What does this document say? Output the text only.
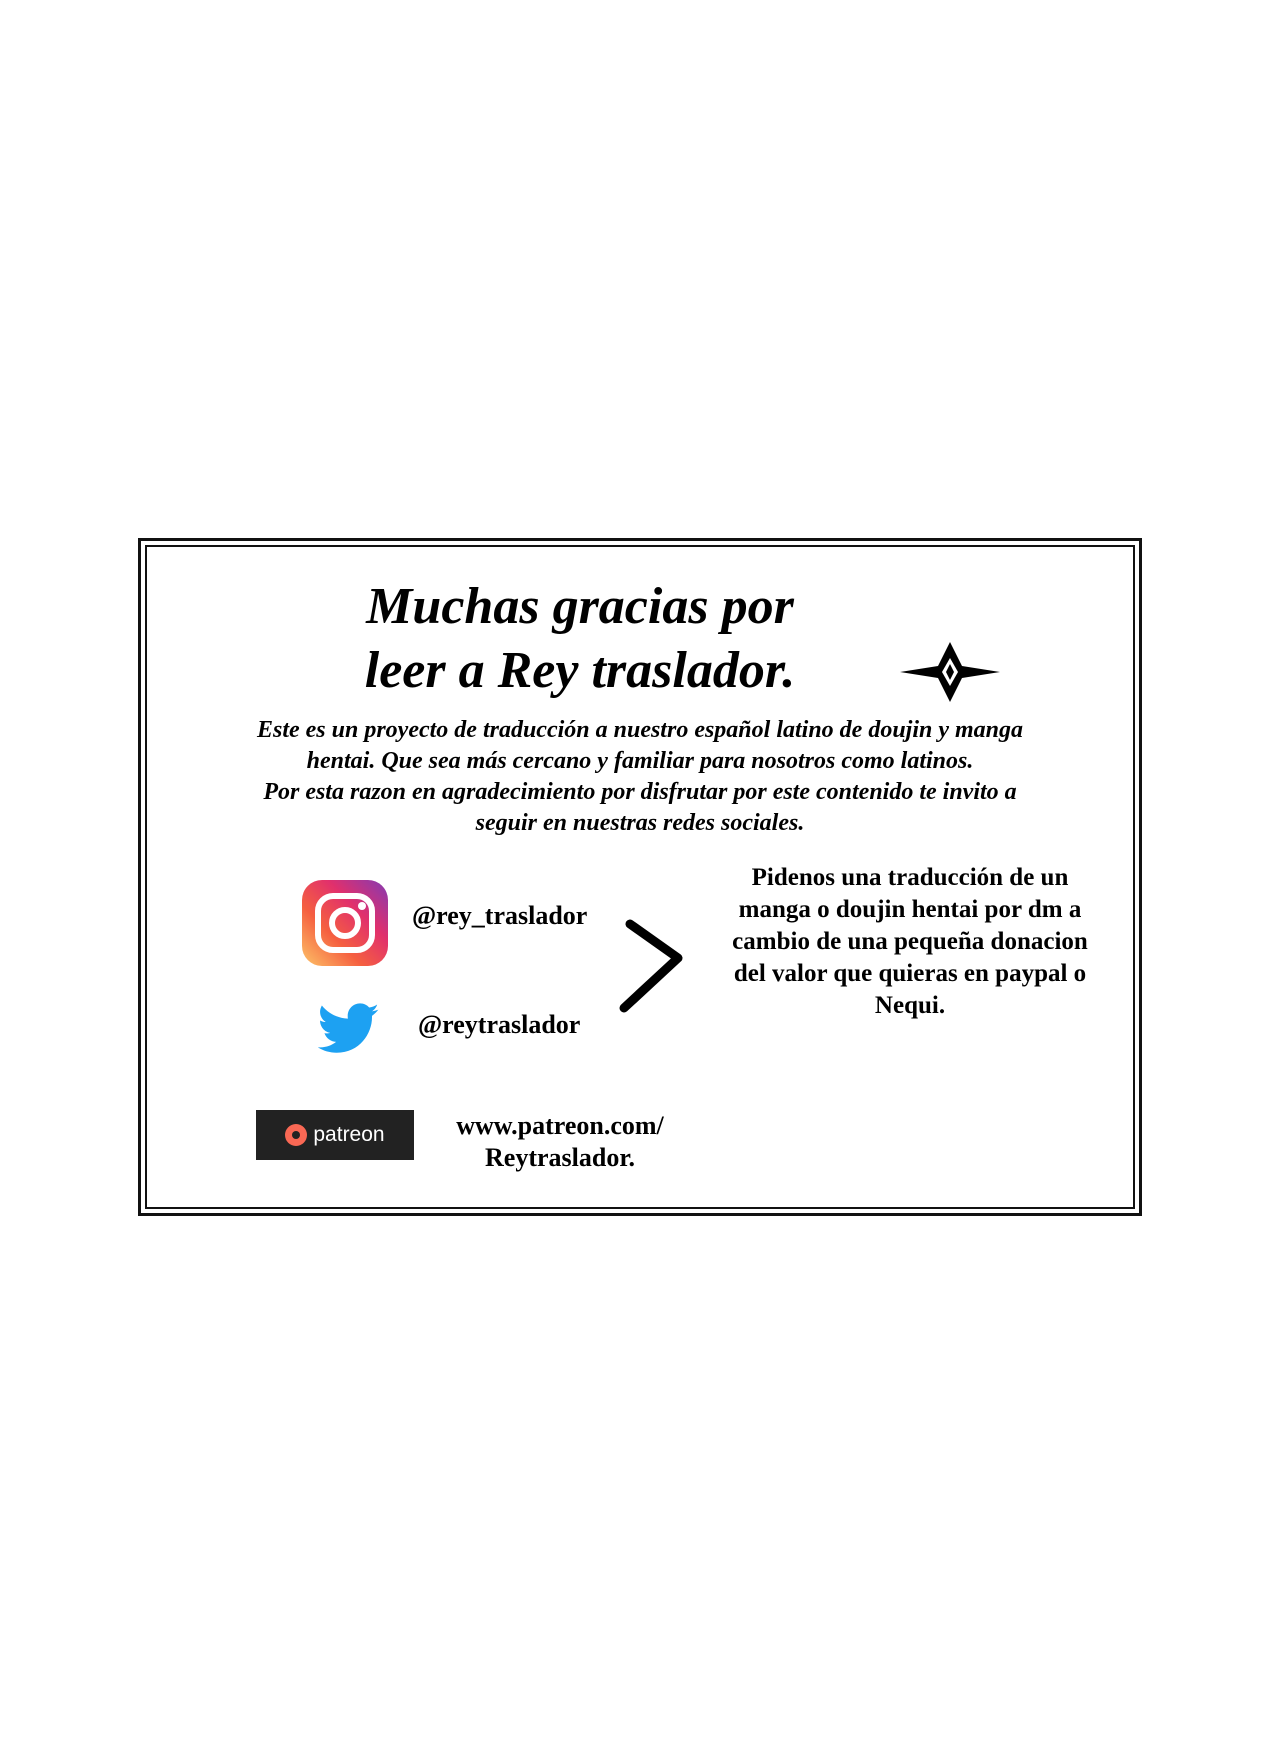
Muchas gracias por
leer a Rey traslador.
Este es un proyecto de traducción a nuestro español latino de doujin y manga
hentai. Que sea más cercano y familiar para nosotros como latinos.
Por esta razon en agradecimiento por disfrutar por este contenido te invito a
seguir en nuestras redes sociales.
@rey_traslador
@reytraslador
Pidenos una traducción de un
manga o doujin hentai por dm a
cambio de una pequeña donacion
del valor que quieras en paypal o
Nequi.
patreon	www.patreon.com/
Reytraslador.
